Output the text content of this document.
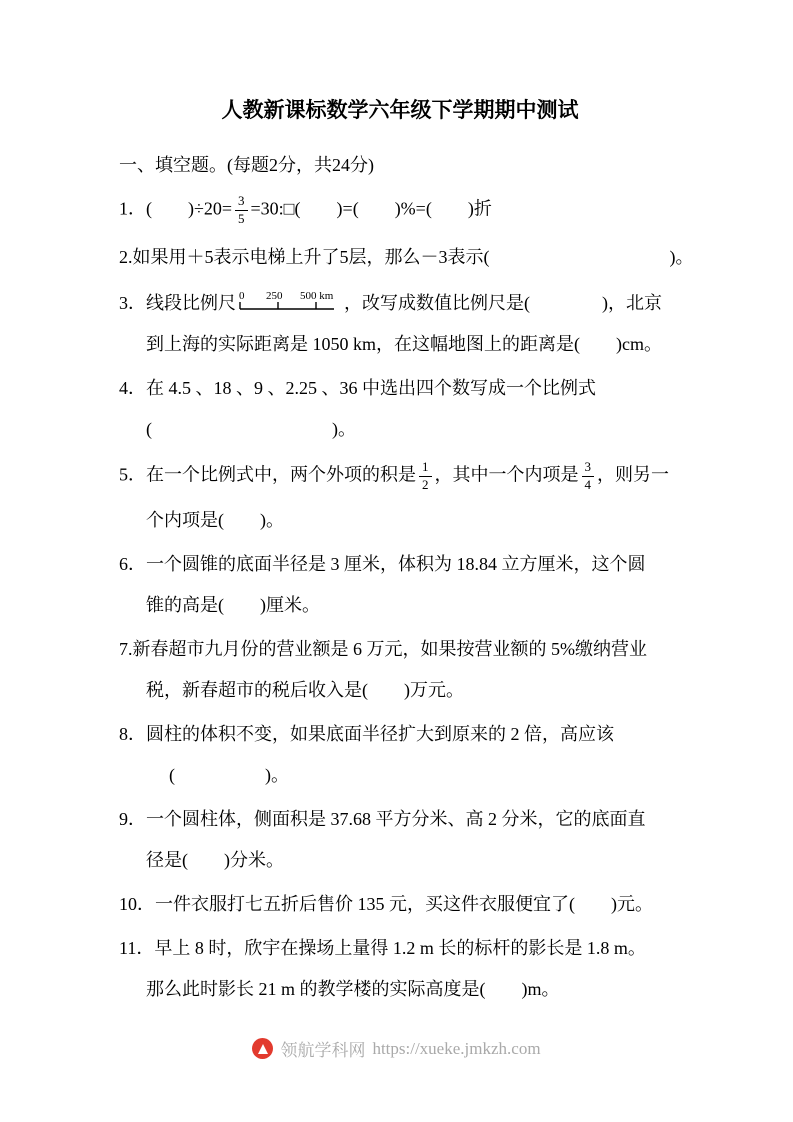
人教新课标数学六年级下学期期中测试
一、填空题。(每题2分，共24分)
1．(　　)$\div 20= \frac{3}{5}$ =30:□(　　)=(　　)%=(　　)折
2.如果用＋5表示电梯上升了5层，那么－3表示(　　　　　　　　　　)。
3．线段比例尺 0 250 500 km ，改写成数值比例尺是(　　　　)，北京
到上海的实际距离是 1050 km，在这幅地图上的距离是(　　)cm。
4．在 4.5 、18 、9 、2.25 、36 中选出四个数写成一个比例式
(　　　　　　　　　　)。
5．在一个比例式中，两个外项的积是 $\frac{1}{2}$ ，其中一个内项是 $\frac{3}{4}$ ，则另一
个内项是(　　)。
6．一个圆锥的底面半径是 3 厘米，体积为 18.84 立方厘米，这个圆
锥的高是(　　)厘米。
7.新春超市九月份的营业额是 6 万元，如果按营业额的 5%缴纳营业
税，新春超市的税后收入是(　　)万元。
8．圆柱的体积不变，如果底面半径扩大到原来的 2 倍，高应该
(　　　　　)。
9．一个圆柱体，侧面积是 37.68 平方分米、高 2 分米，它的底面直
径是(　　)分米。
10．一件衣服打七五折后售价 135 元，买这件衣服便宜了(　　)元。
11．早上 8 时，欣宇在操场上量得 1.2 m 长的标杆的影长是 1.8 m。
那么此时影长 21 m 的教学楼的实际高度是(　　)m。
领航学科网 https://xueke.jmkzh.com
